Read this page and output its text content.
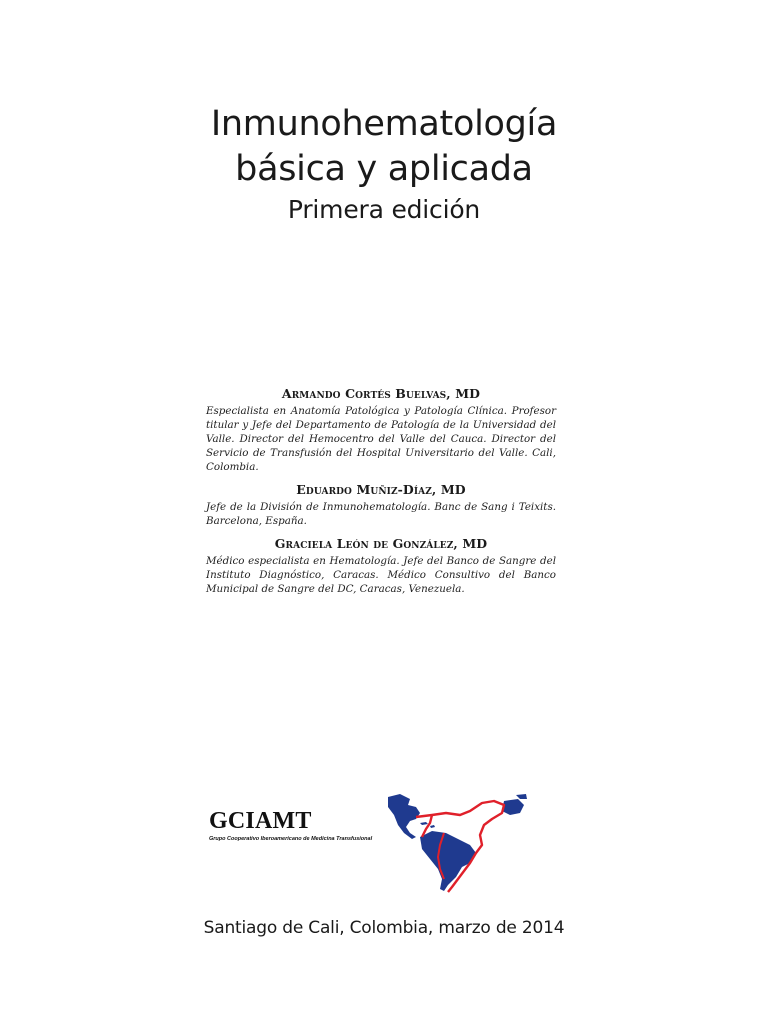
Inmunohematología
básica y aplicada
Primera edición
Armando Cortés Buelvas, MD
Especialista en Anatomía Patológica y Patología Clínica. Profesor titular y Jefe del Departamento de Patología de la Universidad del Valle. Director del Hemocentro del Valle del Cauca. Director del Servicio de Transfusión del Hospital Universitario del Valle. Cali, Colombia.
Eduardo Muñiz-Díaz, MD
Jefe de la División de Inmunohematología. Banc de Sang i Teixits. Barcelona, España.
Graciela León de González, MD
Médico especialista en Hematología. Jefe del Banco de Sangre del Instituto Diagnóstico, Caracas. Médico Consultivo del Banco Municipal de Sangre del DC, Caracas, Venezuela.
GCIAMT
Grupo Cooperativo Iberoamericano de Medicina Transfusional
Santiago de Cali, Colombia, marzo de 2014
